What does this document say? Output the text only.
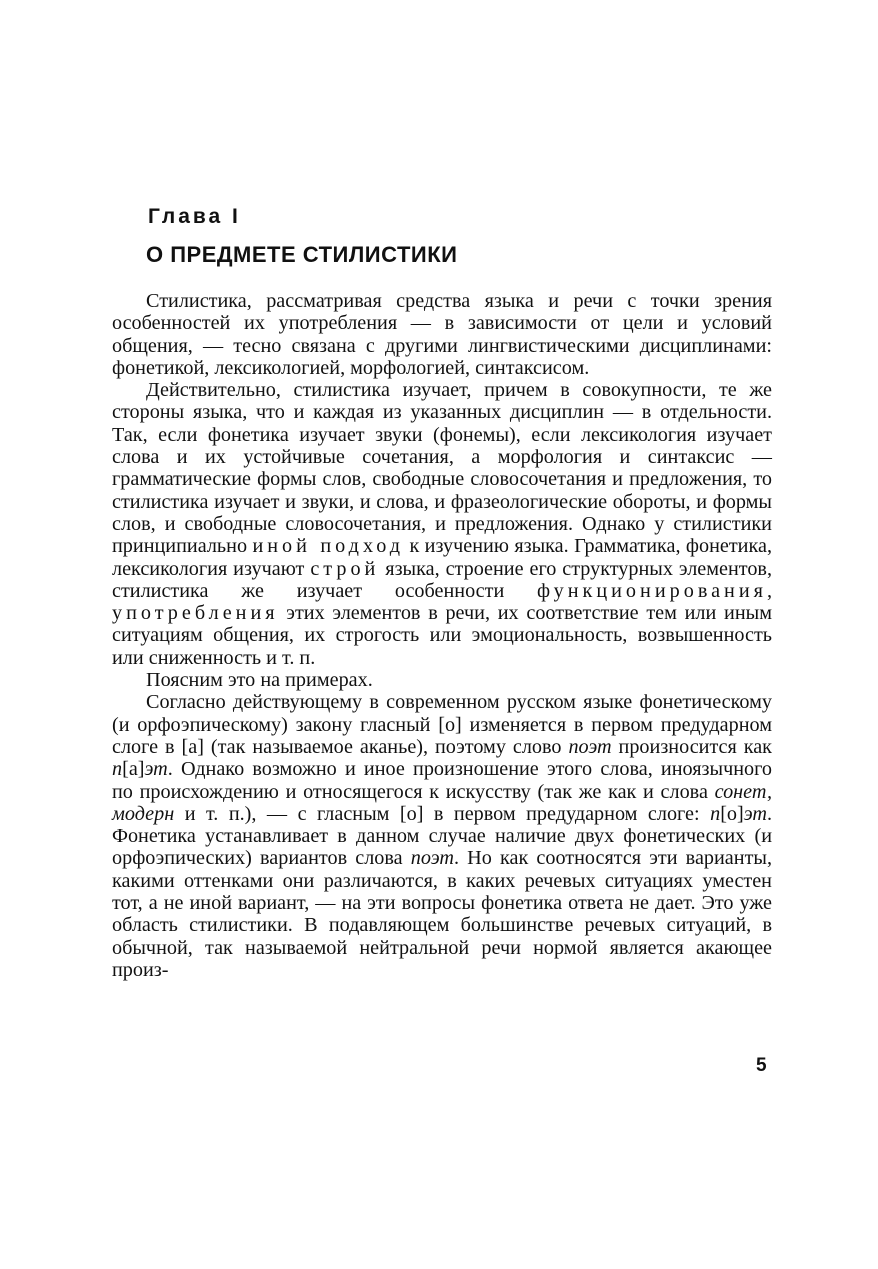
Глава I
О ПРЕДМЕТЕ СТИЛИСТИКИ

Стилистика, рассматривая средства языка и речи с точки зрения особенностей их употребления — в зависимости от цели и условий общения, — тесно связана с другими лингвистическими дисциплинами: фонетикой, лексикологией, морфологией, синтаксисом.

Действительно, стилистика изучает, причем в совокупности, те же стороны языка, что и каждая из указанных дисциплин — в отдельности. Так, если фонетика изучает звуки (фонемы), если лексикология изучает слова и их устойчивые сочетания, а морфология и синтаксис — грамматические формы слов, свободные словосочетания и предложения, то стилистика изучает и звуки, и слова, и фразеологические обороты, и формы слов, и свободные словосочетания, и предложения. Однако у стилистики принципиально иной подход к изучению языка. Грамматика, фонетика, лексикология изучают строй языка, строение его структурных элементов, стилистика же изучает особенности функционирования, употребления этих элементов в речи, их соответствие тем или иным ситуациям общения, их строгость или эмоциональность, возвышенность или сниженность и т. п.

Поясним это на примерах.

Согласно действующему в современном русском языке фонетическому (и орфоэпическому) закону гласный [о] изменяется в первом предударном слоге в [а] (так называемое аканье), поэтому слово поэт произносится как п[а]эт. Однако возможно и иное произношение этого слова, иноязычного по происхождению и относящегося к искусству (так же как и слова сонет, модерн и т. п.), — с гласным [о] в первом предударном слоге: п[о]эт. Фонетика устанавливает в данном случае наличие двух фонетических (и орфоэпических) вариантов слова поэт. Но как соотносятся эти варианты, какими оттенками они различаются, в каких речевых ситуациях уместен тот, а не иной вариант, — на эти вопросы фонетика ответа не дает. Это уже область стилистики. В подавляющем большинстве речевых ситуаций, в обычной, так называемой нейтральной речи нормой является акающее произ-

5
